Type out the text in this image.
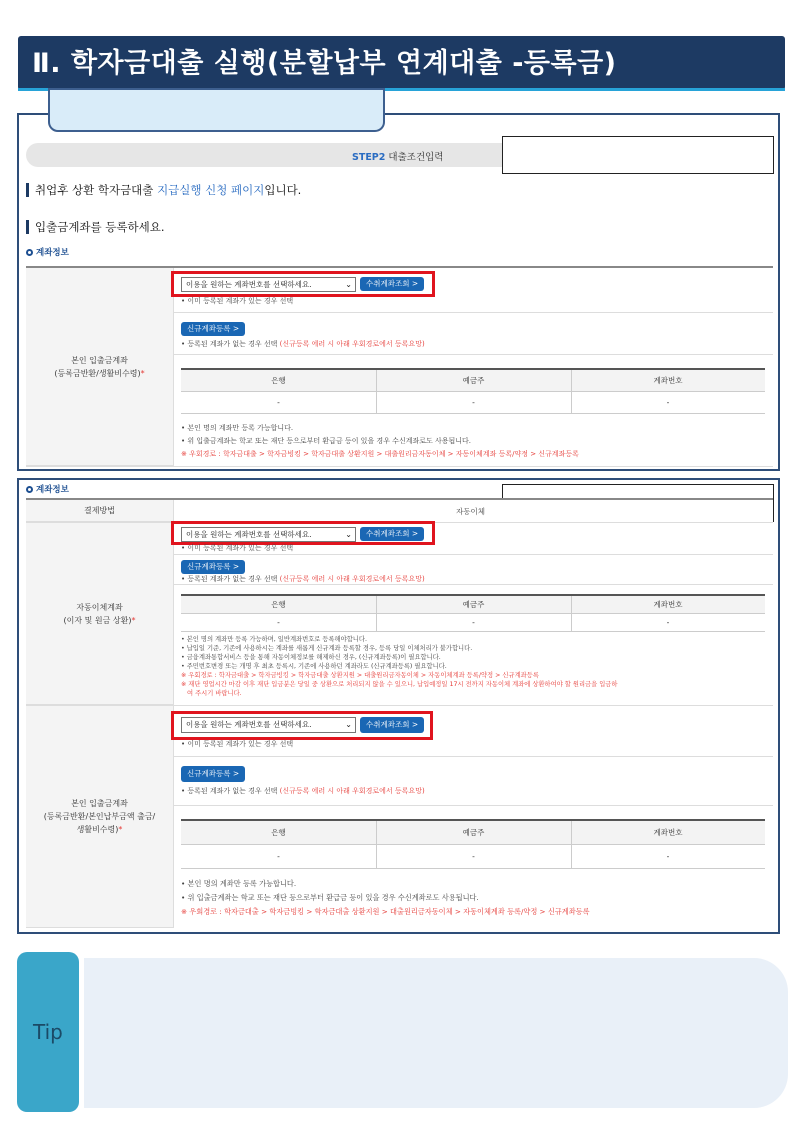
Ⅱ. 학자금대출 실행(분할납부 연계대출 -등록금)
STEP2 대출조건입력
취업후 상환 학자금대출 지급실행 신청 페이지입니다.
입출금계좌를 등록하세요.
계좌정보
본인 입출금계좌
(등록금반환/생활비수령)*
이용을 원하는 계좌번호를 선택하세요.	⌄	수취계좌조회 >
• 이미 등록된 계좌가 있는 경우 선택
신규계좌등록 >
• 등록된 계좌가 없는 경우 선택 (신규등록 에러 시 아래 우회경로에서 등록요망)
은행	예금주	계좌번호
-	-	-
• 본인 명의 계좌만 등록 가능합니다.
• 위 입출금계좌는 학교 또는 재단 등으로부터 환급금 등이 있을 경우 수신계좌로도 사용됩니다.
※ 우회경로 : 학자금대출 > 학자금빙킹 > 학자금대출 상환지원 > 대출원리금자동이체 > 자동이체계좌 등록/약정 > 신규계좌등록
계좌정보
결제방법	자동이체
자동이체계좌
(이자 및 원금 상환)*
이용을 원하는 계좌번호를 선택하세요.	⌄	수취계좌조회 >
• 이미 등록된 계좌가 있는 경우 선택
신규계좌등록 >
• 등록된 계좌가 없는 경우 선택 (신규등록 에러 시 아래 우회경로에서 등록요망)
은행	예금주	계좌번호
-	-	-
• 본인 명의 계좌만 등록 가능하며, 일반계좌번호로 등록해야합니다.
• 납입일 기준, 기존에 사용하시는 계좌를 새롭게 신규계좌 등록할 경우, 등록 당일 이체처리가 불가합니다.
• 금융계좌통합서비스 등을 통해 자동이체정보를 해제하신 경우, (신규계좌등록)이 필요합니다.
• 주민번호변경 또는 개명 후 최초 등록시, 기존에 사용하던 계좌라도 (신규계좌등록) 필요합니다.
※ 우회경로 : 학자금대출 > 학자금빙킹 > 학자금대출 상환지원 > 대출원리금자동이체 > 자동이체계좌 등록/약정 > 신규계좌등록
※ 재단 영업시간 마감 이후 재단 입금분은 당일 중 상환으로 처리되지 않을 수 있으니, 납입예정일 17시 전까지 자동이체 계좌에 상환하여야 할 원리금을 입금하
여 주시기 바랍니다.
본인 입출금계좌
(등록금반환/본인납부금액 출금/
생활비수령)*
이용을 원하는 계좌번호를 선택하세요.	⌄	수취계좌조회 >
• 이미 등록된 계좌가 있는 경우 선택
신규계좌등록 >
• 등록된 계좌가 없는 경우 선택 (신규등록 에러 시 아래 우회경로에서 등록요망)
은행	예금주	계좌번호
-	-	-
• 본인 명의 계좌만 등록 가능합니다.
• 위 입출금계좌는 학교 또는 재단 등으로부터 환급금 등이 있을 경우 수신계좌로도 사용됩니다.
※ 우회경로 : 학자금대출 > 학자금빙킹 > 학자금대출 상환지원 > 대출원리금자동이체 > 자동이체계좌 등록/약정 > 신규계좌등록
Tip
